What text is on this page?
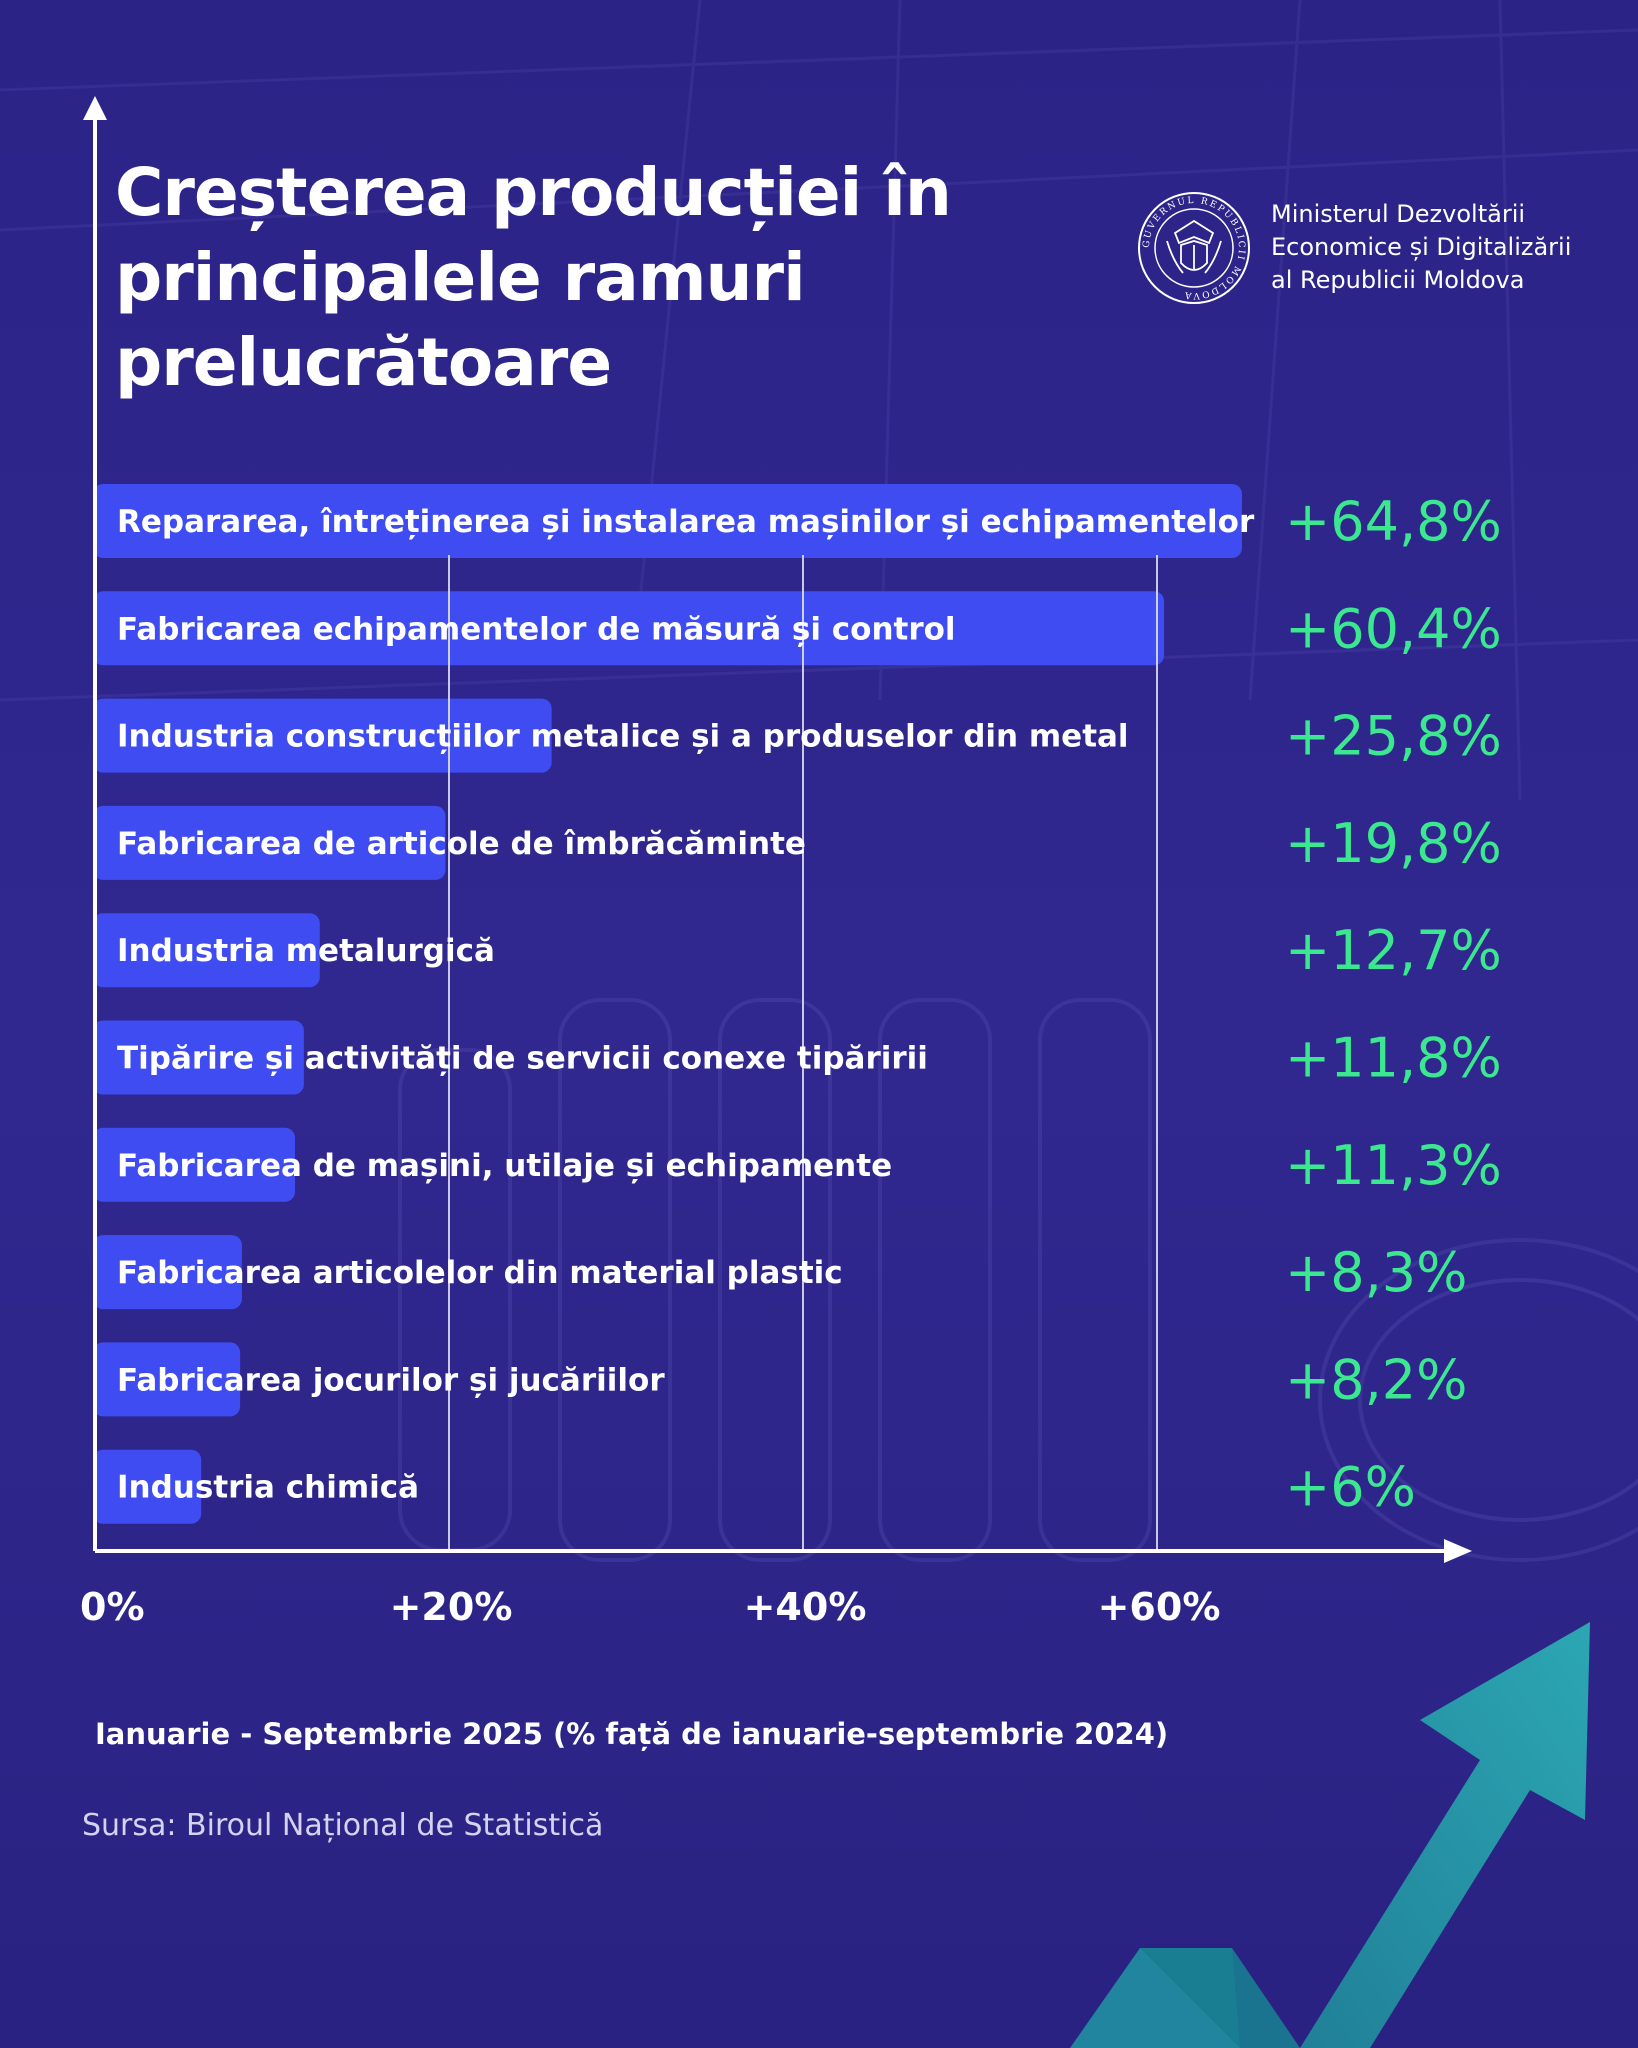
Creșterea producției în
principalele ramuri
prelucrătoare
GUVERNUL REPUBLICII MOLDOVA
Ministerul Dezvoltării
Economice și Digitalizării
al Republicii Moldova
Repararea, întreținerea și instalarea mașinilor și echipamentelor +64,8%
Fabricarea echipamentelor de măsură și control	+60,4%
Industria construcțiilor metalice și a produselor din metal	+25,8%
Fabricarea de articole de îmbrăcăminte	+19,8%
Industria metalurgică	+12,7%
Tipărire și activități de servicii conexe tipăririi	+11,8%
Fabricarea de mașini, utilaje și echipamente	+11,3%
Fabricarea articolelor din material plastic	+8,3%
Fabricarea jocurilor și jucăriilor	+8,2%
Industria chimică	+6%
0%	+20%	+40%	+60%

Ianuarie - Septembrie 2025 (% față de ianuarie-septembrie 2024)

Sursa: Biroul Național de Statistică
